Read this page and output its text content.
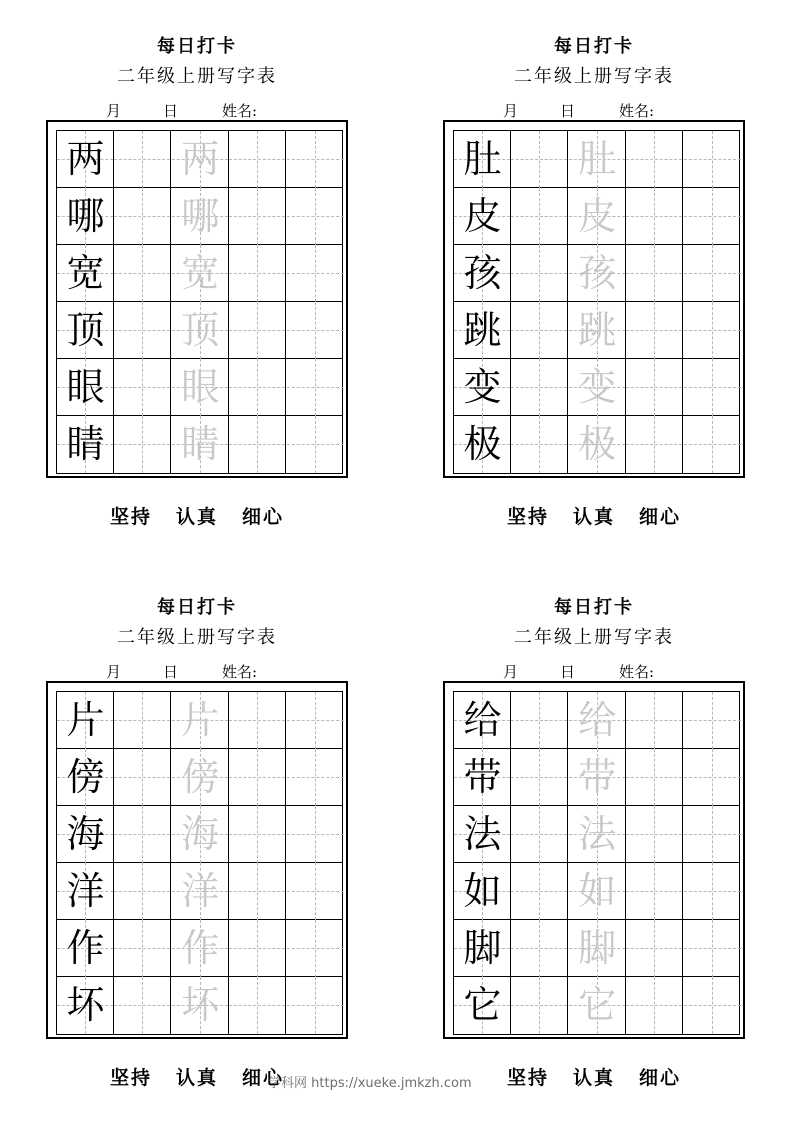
每日打卡
二年级上册写字表
月	日	姓名:
两 两
哪 哪
宽 宽
顶 顶
眼 眼
睛 睛
坚持 认真 细心
每日打卡
二年级上册写字表
月	日	姓名:
肚 肚
皮 皮
孩 孩
跳 跳
变 变
极 极
坚持 认真 细心
每日打卡
二年级上册写字表
月	日	姓名:
片 片
傍 傍
海 海
洋 洋
作 作
坏 坏
坚持 认真 细心
每日打卡
二年级上册写字表
月	日	姓名:
给 给
带 带
法 法
如 如
脚 脚
它 它
坚持 认真 细心
学科网 https://xueke.jmkzh.com
